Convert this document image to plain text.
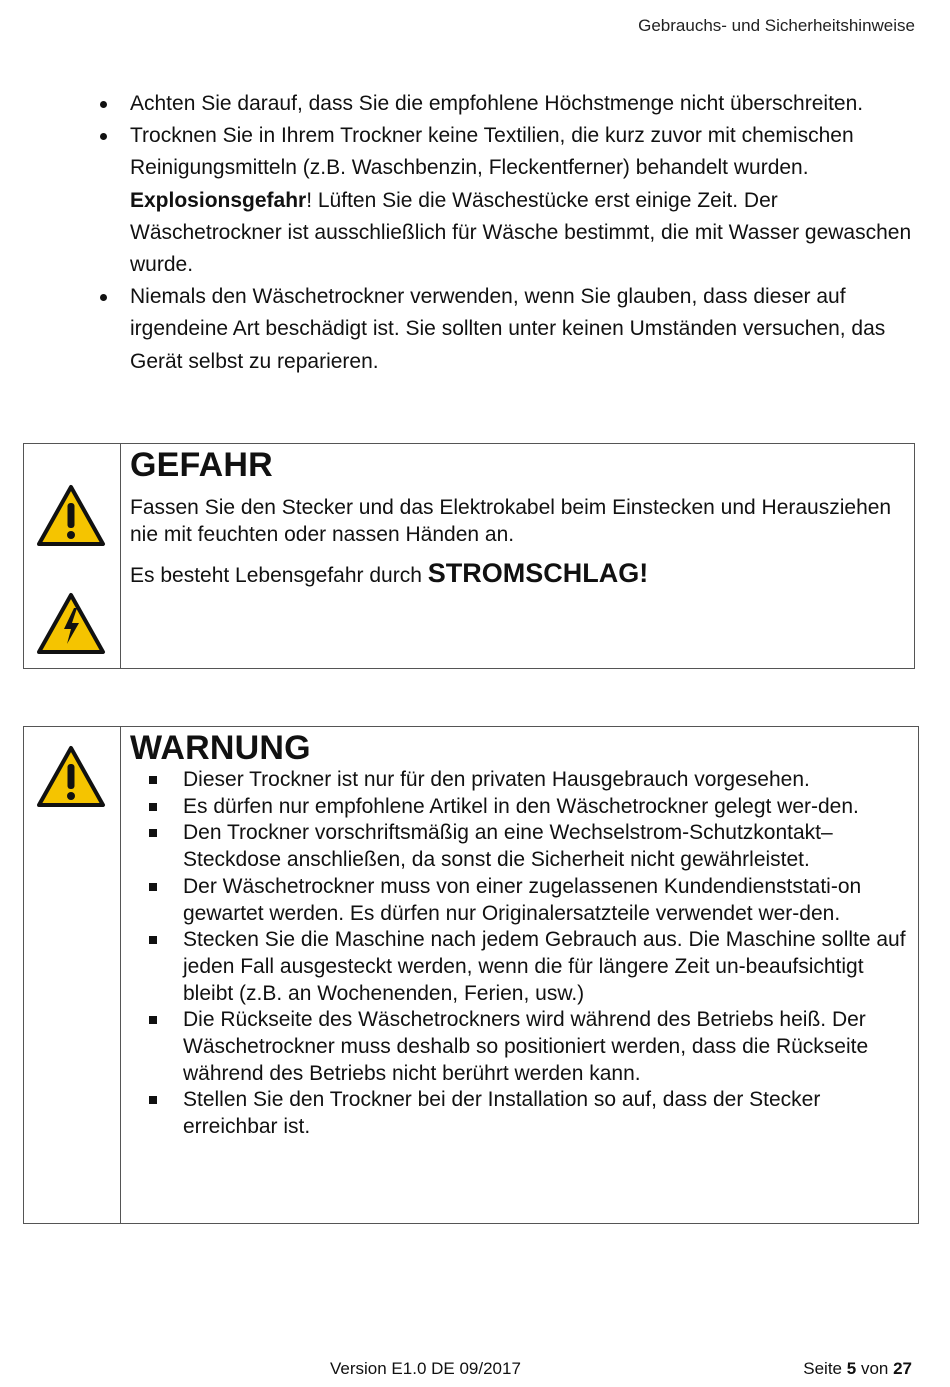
Gebrauchs- und Sicherheitshinweise
Achten Sie darauf, dass Sie die empfohlene Höchstmenge nicht überschreiten.
Trocknen Sie in Ihrem Trockner keine Textilien, die kurz zuvor mit chemischen Reinigungsmitteln (z.B. Waschbenzin, Fleckentferner) behandelt wurden. Explosionsgefahr! Lüften Sie die Wäschestücke erst einige Zeit. Der Wäschetrockner ist ausschließlich für Wäsche bestimmt, die mit Wasser gewaschen wurde.
Niemals den Wäschetrockner verwenden, wenn Sie glauben, dass dieser auf irgendeine Art beschädigt ist. Sie sollten unter keinen Umständen versuchen, das Gerät selbst zu reparieren.
GEFAHR
Fassen Sie den Stecker und das Elektrokabel beim Einstecken und Herausziehen nie mit feuchten oder nassen Händen an.
Es besteht Lebensgefahr durch STROMSCHLAG!
WARNUNG
Dieser Trockner ist nur für den privaten Hausgebrauch vorgesehen.
Es dürfen nur empfohlene Artikel in den Wäschetrockner gelegt wer-den.
Den Trockner vorschriftsmäßig an eine Wechselstrom-Schutzkontakt–Steckdose anschließen, da sonst die Sicherheit nicht gewährleistet.
Der Wäschetrockner muss von einer zugelassenen Kundendienststati-on gewartet werden. Es dürfen nur Originalersatzteile verwendet wer-den.
Stecken Sie die Maschine nach jedem Gebrauch aus. Die Maschine sollte auf jeden Fall ausgesteckt werden, wenn die für längere Zeit un-beaufsichtigt bleibt (z.B. an Wochenenden, Ferien, usw.)
Die Rückseite des Wäschetrockners wird während des Betriebs heiß. Der Wäschetrockner muss deshalb so positioniert werden, dass die Rückseite während des Betriebs nicht berührt werden kann.
Stellen Sie den Trockner bei der Installation so auf, dass der Stecker erreichbar ist.
Version E1.0 DE 09/2017	Seite 5 von 27
